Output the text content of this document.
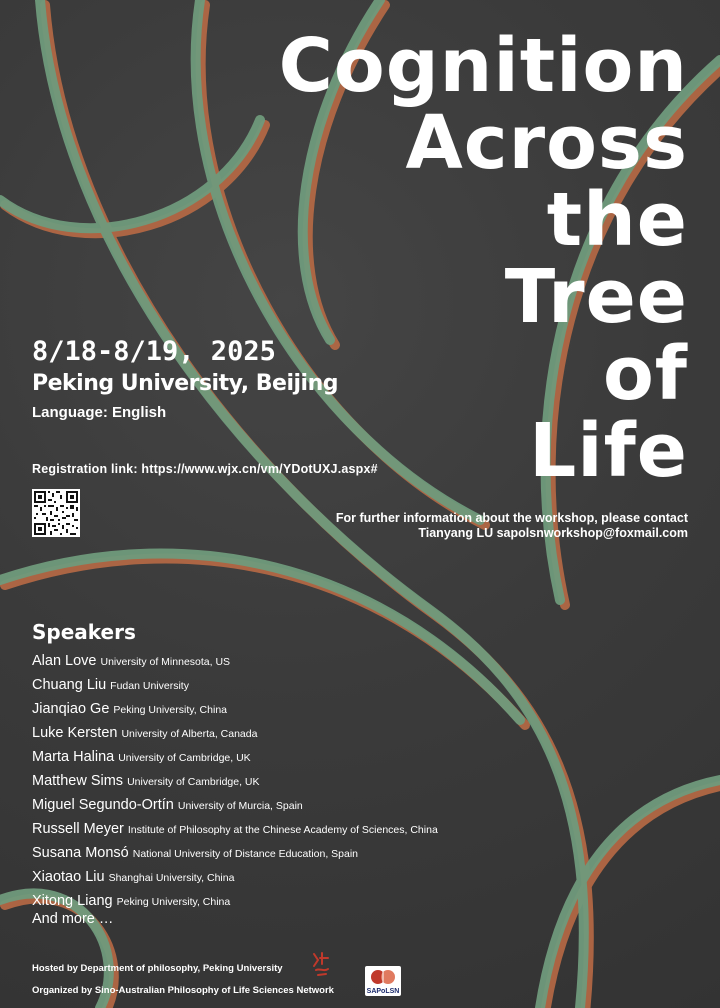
Cognition
Across
the
Tree
of
Life
8/18-8/19, 2025
Peking University, Beijing
Language: English
Registration link: https://www.wjx.cn/vm/YDotUXJ.aspx#
For further information about the workshop, please contact
Tianyang LU sapolsnworkshop@foxmail.com
Speakers
Alan Love University of Minnesota, US
Chuang Liu Fudan University
Jianqiao Ge Peking University, China
Luke Kersten University of Alberta, Canada
Marta Halina University of Cambridge, UK
Matthew Sims University of Cambridge, UK
Miguel Segundo-Ortín University of Murcia, Spain
Russell Meyer Institute of Philosophy at the Chinese Academy of Sciences, China
Susana Monsó National University of Distance Education, Spain
Xiaotao Liu Shanghai University, China
Xitong Liang Peking University, China
And more …
Hosted by Department of philosophy, Peking University
Organized by Sino-Australian Philosophy of Life Sciences Network	SAPoLSN
